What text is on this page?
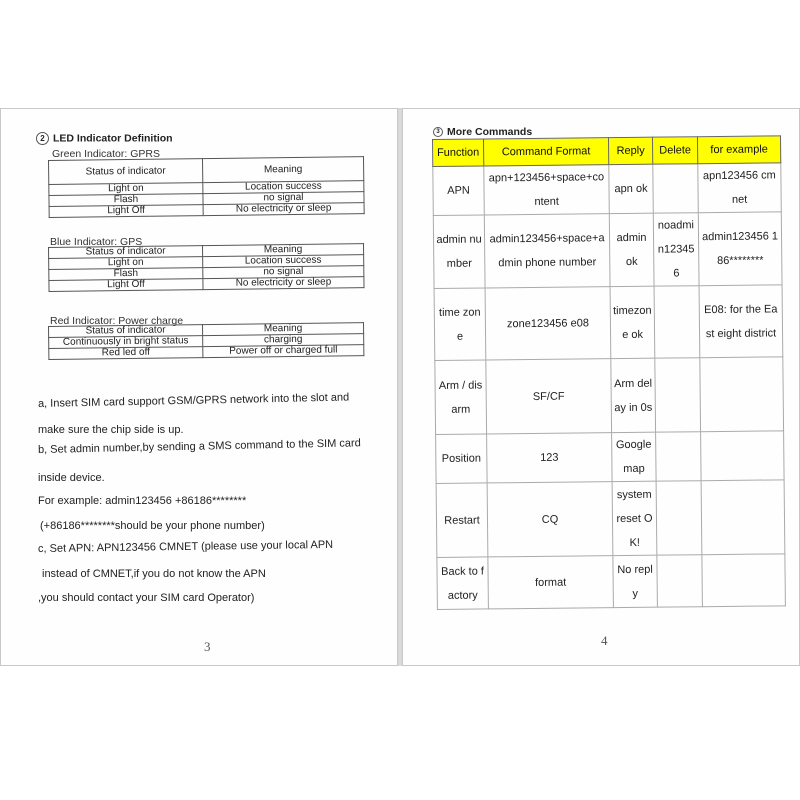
2 LED Indicator Definition
Green Indicator: GPRS
Status of indicator	Meaning
Light on	Location success
Flash	no signal
Light Off	No electricity or sleep
Blue Indicator: GPS
Status of indicator	Meaning
Light on	Location success
Flash	no signal
Light Off	No electricity or sleep
Red Indicator: Power charge
Status of indicator	Meaning
Continuously in bright status	charging
Red led off	Power off or charged full
a, Insert SIM card support GSM/GPRS network into the slot and
make sure the chip side is up.
b, Set admin number,by sending a SMS command to the SIM card
inside device.
For example: admin123456 +86186********
(+86186********should be your phone number)
c, Set APN: APN123456 CMNET (please use your local APN
instead of CMNET,if you do not know the APN
,you should contact your SIM card Operator)
3
3 More Commands
Function	Command Format	Reply	Delete	for example
APN	apn+123456+space+content	apn ok		apn123456 cmnet
admin number	admin123456+space+admin phone number	admin ok	noadmin123456	admin123456 186********
time zone	zone123456 e08	timezone ok		E08: for the East eight district
Arm / disarm	SF/CF	Arm delay in 0s		
Position	123	Google map		
Restart	CQ	system reset OK!		
Back to factory	format	No reply		
4
